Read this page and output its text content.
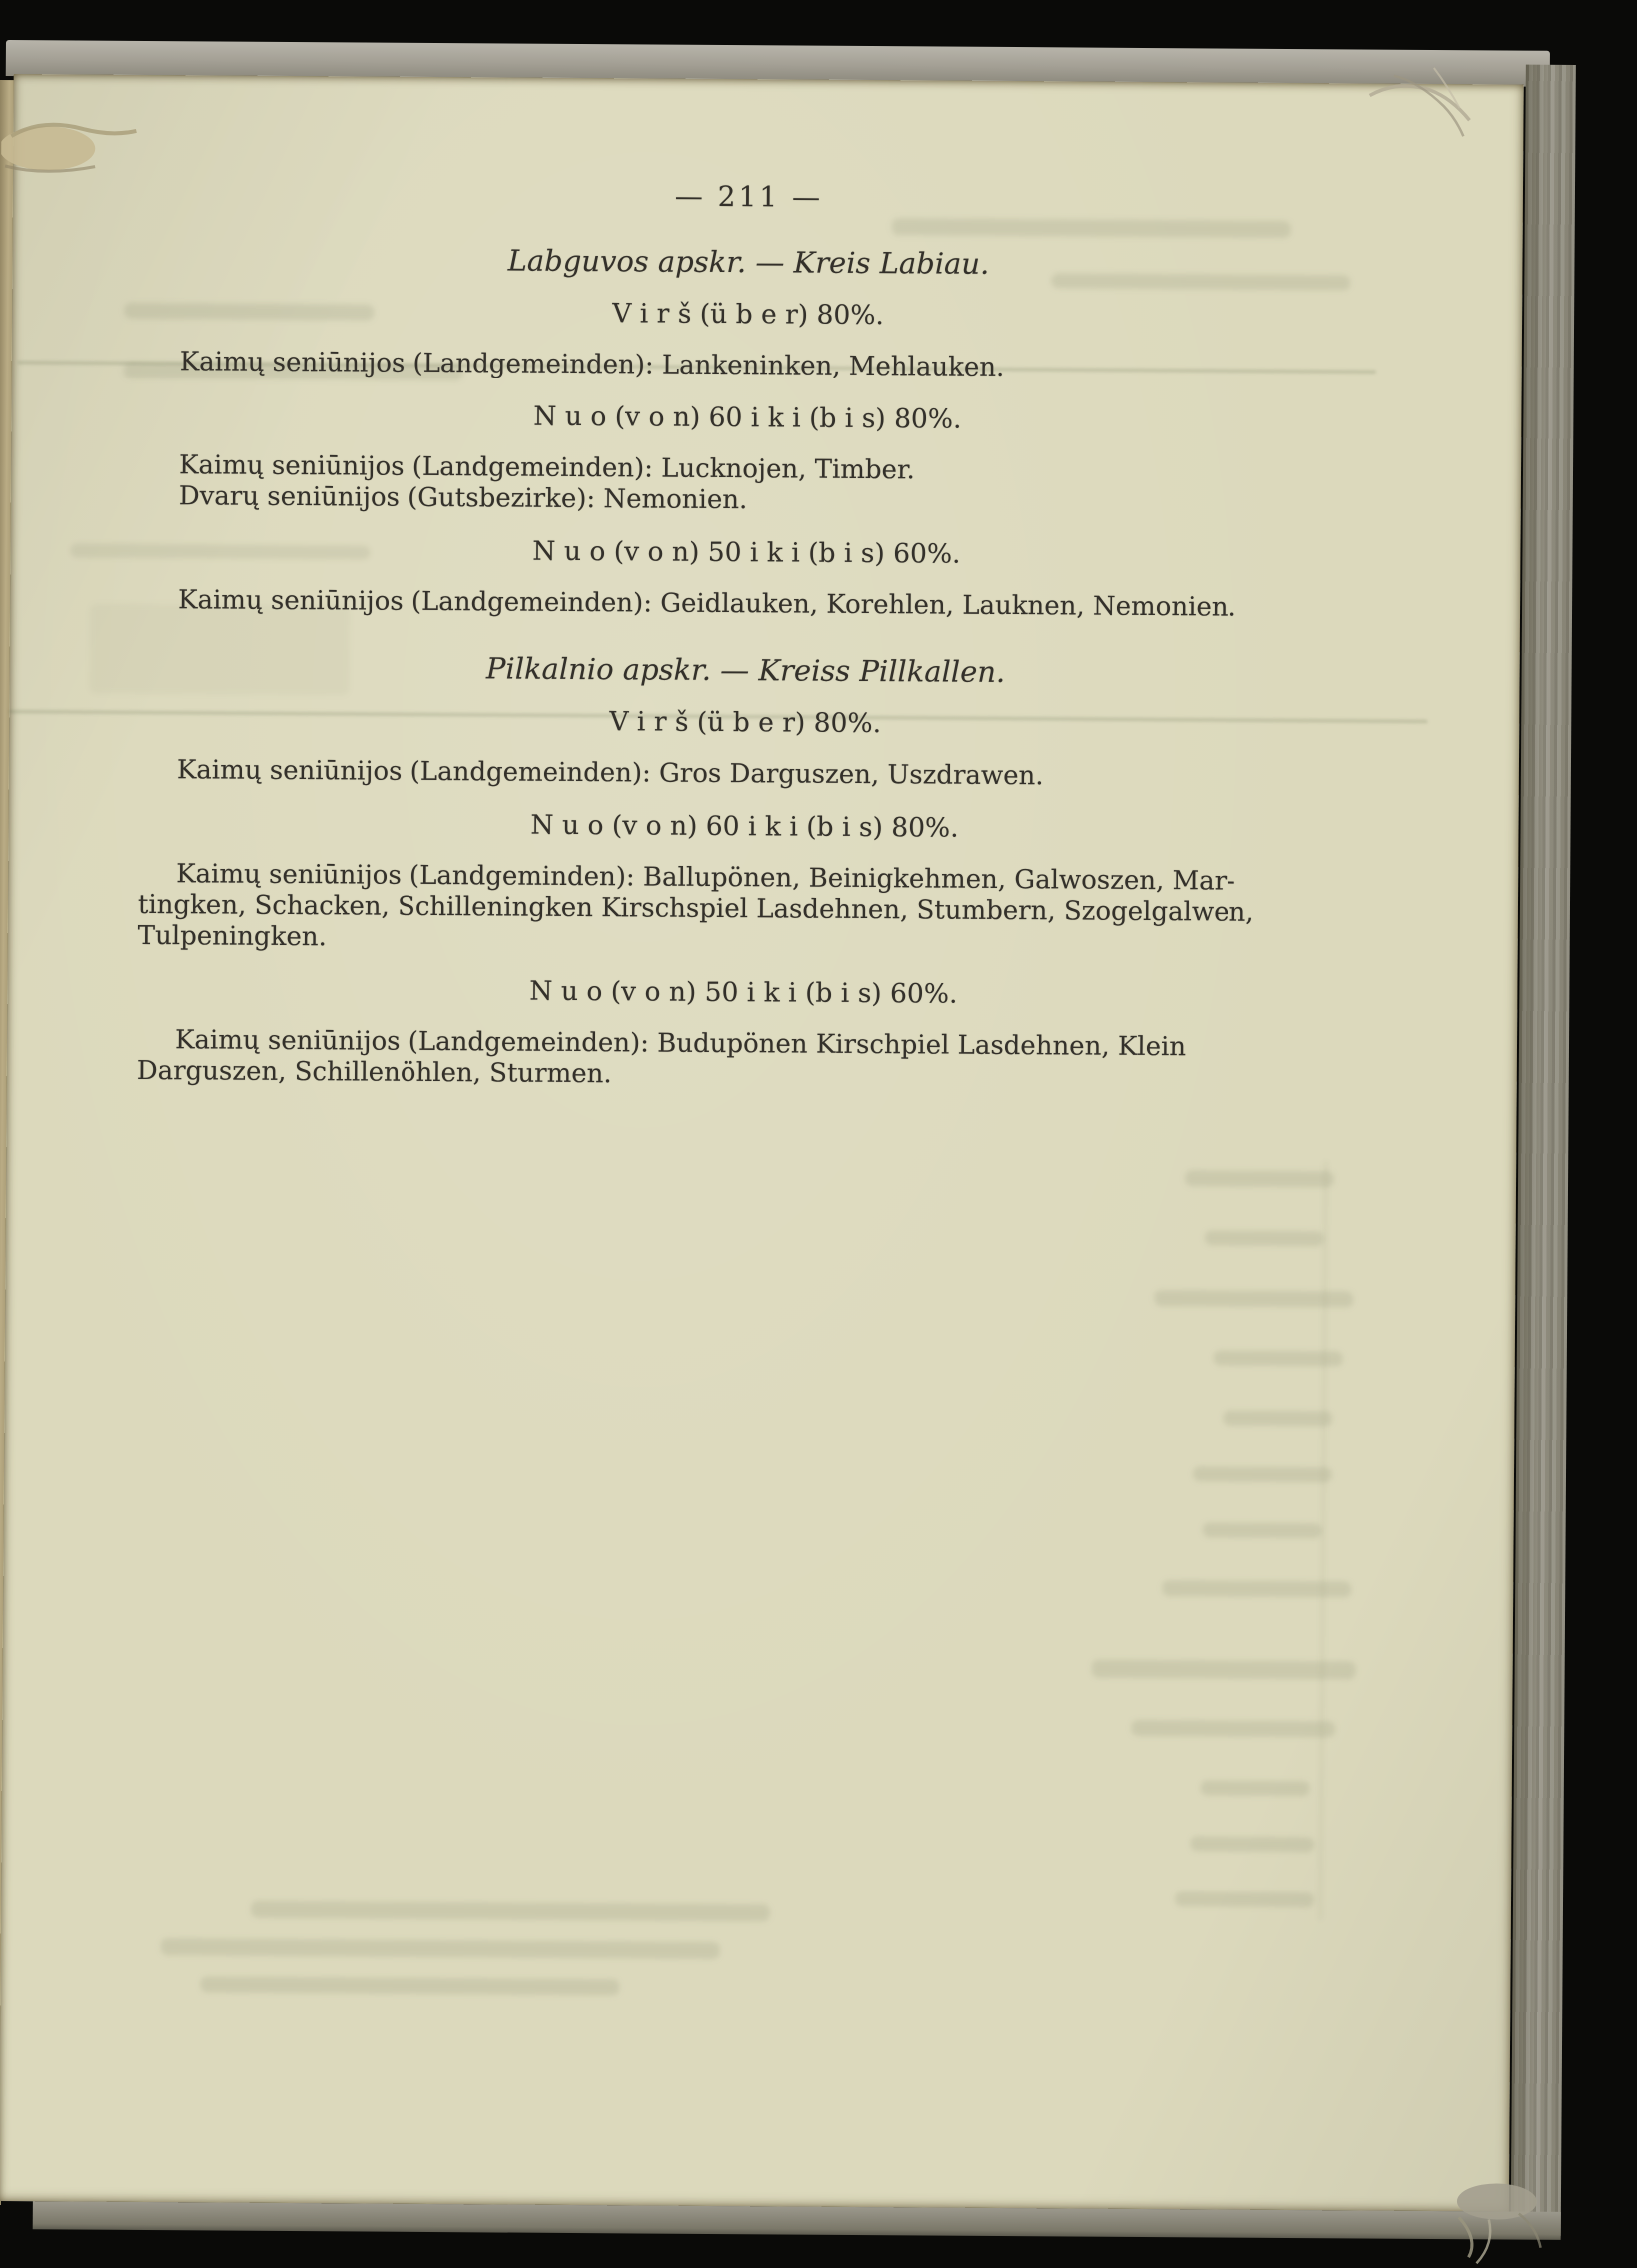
— 211 —
Labguvos apskr. — Kreis Labiau.
V i r š (ü b e r) 80%.
Kaimų seniūnijos (Landgemeinden): Lankeninken, Mehlauken.
N u o (v o n) 60 i k i (b i s) 80%.
Kaimų seniūnijos (Landgemeinden): Lucknojen, Timber.
Dvarų seniūnijos (Gutsbezirke): Nemonien.
N u o (v o n) 50 i k i (b i s) 60%.
Kaimų seniūnijos (Landgemeinden): Geidlauken, Korehlen, Lauknen, Nemonien.
Pilkalnio apskr. — Kreiss Pillkallen.
V i r š (ü b e r) 80%.
Kaimų seniūnijos (Landgemeinden): Gros Darguszen, Uszdrawen.
N u o (v o n) 60 i k i (b i s) 80%.
Kaimų seniūnijos (Landgeminden): Ballupönen, Beinigkehmen, Galwoszen, Mar-
tingken, Schacken, Schilleningken Kirschspiel Lasdehnen, Stumbern, Szogelgalwen,
Tulpeningken.
N u o (v o n) 50 i k i (b i s) 60%.
Kaimų seniūnijos (Landgemeinden): Budupönen Kirschpiel Lasdehnen, Klein
Darguszen, Schillenöhlen, Sturmen.
